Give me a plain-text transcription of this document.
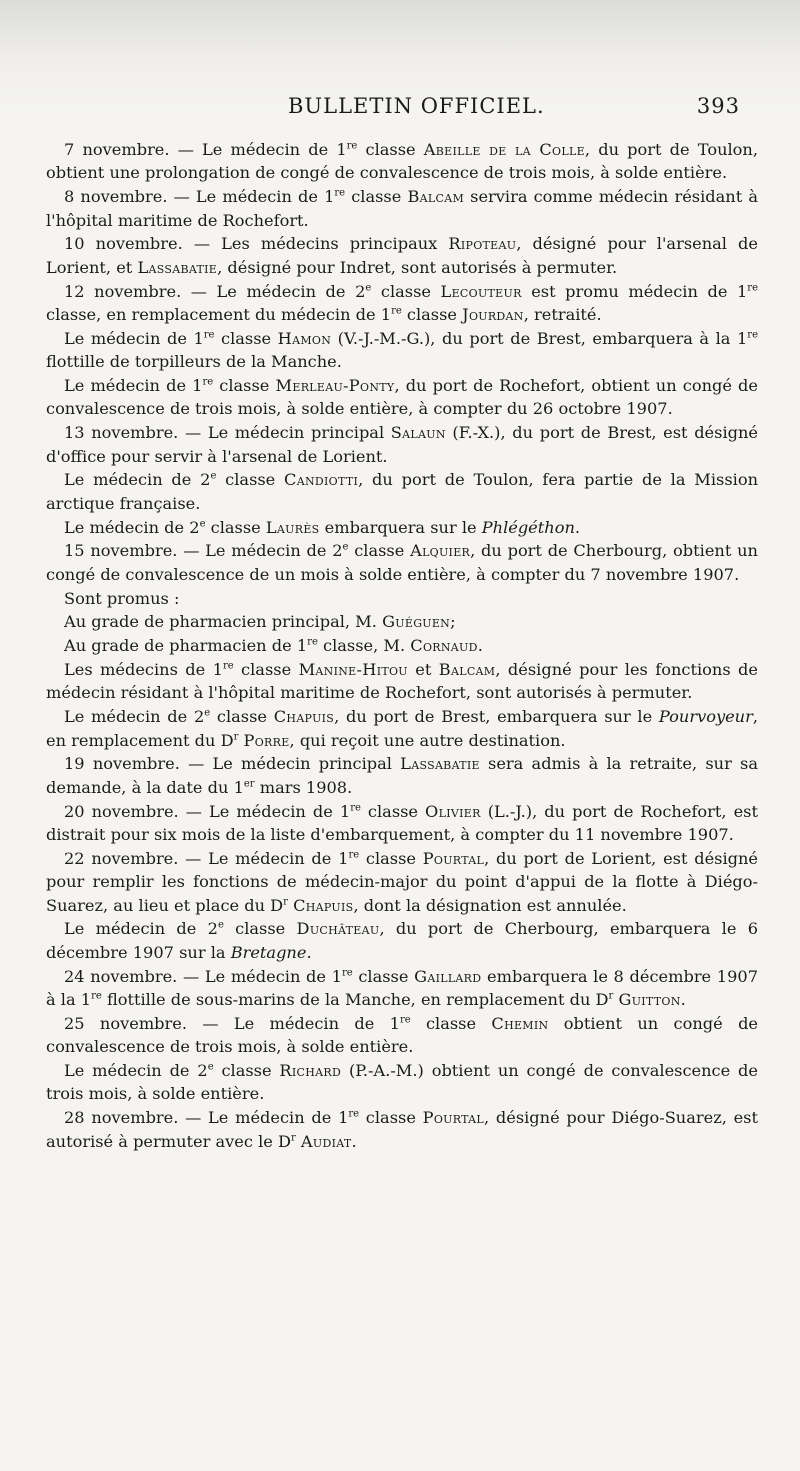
BULLETIN OFFICIEL.	393

7 novembre. — Le médecin de 1re classe Abeille de la Colle, du port de Toulon, obtient une prolongation de congé de convalescence de trois mois, à solde entière.

8 novembre. — Le médecin de 1re classe Balcam servira comme médecin résidant à l'hôpital maritime de Rochefort.

10 novembre. — Les médecins principaux Ripoteau, désigné pour l'arsenal de Lorient, et Lassabatie, désigné pour Indret, sont autorisés à permuter.

12 novembre. — Le médecin de 2e classe Lecouteur est promu médecin de 1re classe, en remplacement du médecin de 1re classe Jourdan, retraité.

Le médecin de 1re classe Hamon (V.-J.-M.-G.), du port de Brest, embarquera à la 1re flottille de torpilleurs de la Manche.

Le médecin de 1re classe Merleau-Ponty, du port de Rochefort, obtient un congé de convalescence de trois mois, à solde entière, à compter du 26 octobre 1907.

13 novembre. — Le médecin principal Salaun (F.-X.), du port de Brest, est désigné d'office pour servir à l'arsenal de Lorient.

Le médecin de 2e classe Candiotti, du port de Toulon, fera partie de la Mission arctique française.

Le médecin de 2e classe Laurès embarquera sur le Phlégéthon.

15 novembre. — Le médecin de 2e classe Alquier, du port de Cherbourg, obtient un congé de convalescence de un mois à solde entière, à compter du 7 novembre 1907.

Sont promus :

Au grade de pharmacien principal, M. Guéguen;

Au grade de pharmacien de 1re classe, M. Cornaud.

Les médecins de 1re classe Manine-Hitou et Balcam, désigné pour les fonctions de médecin résidant à l'hôpital maritime de Rochefort, sont autorisés à permuter.

Le médecin de 2e classe Chapuis, du port de Brest, embarquera sur le Pourvoyeur, en remplacement du $D^r$ Porre, qui reçoit une autre destination.

19 novembre. — Le médecin principal Lassabatie sera admis à la retraite, sur sa demande, à la date du 1er mars 1908.

20 novembre. — Le médecin de 1re classe Olivier (L.-J.), du port de Rochefort, est distrait pour six mois de la liste d'embarquement, à compter du 11 novembre 1907.

22 novembre. — Le médecin de 1re classe Pourtal, du port de Lorient, est désigné pour remplir les fonctions de médecin-major du point d'appui de la flotte à Diégo-Suarez, au lieu et place du $D^r$ Chapuis, dont la désignation est annulée.

Le médecin de 2e classe Duchâteau, du port de Cherbourg, embarquera le 6 décembre 1907 sur la Bretagne.

24 novembre. — Le médecin de 1re classe Gaillard embarquera le 8 décembre 1907 à la 1re flottille de sous-marins de la Manche, en remplacement du $D^r$ Guitton.

25 novembre. — Le médecin de 1re classe Chemin obtient un congé de convalescence de trois mois, à solde entière.

Le médecin de 2e classe Richard (P.-A.-M.) obtient un congé de convalescence de trois mois, à solde entière.

28 novembre. — Le médecin de 1re classe Pourtal, désigné pour Diégo-Suarez, est autorisé à permuter avec le $D^r$ Audiat.
